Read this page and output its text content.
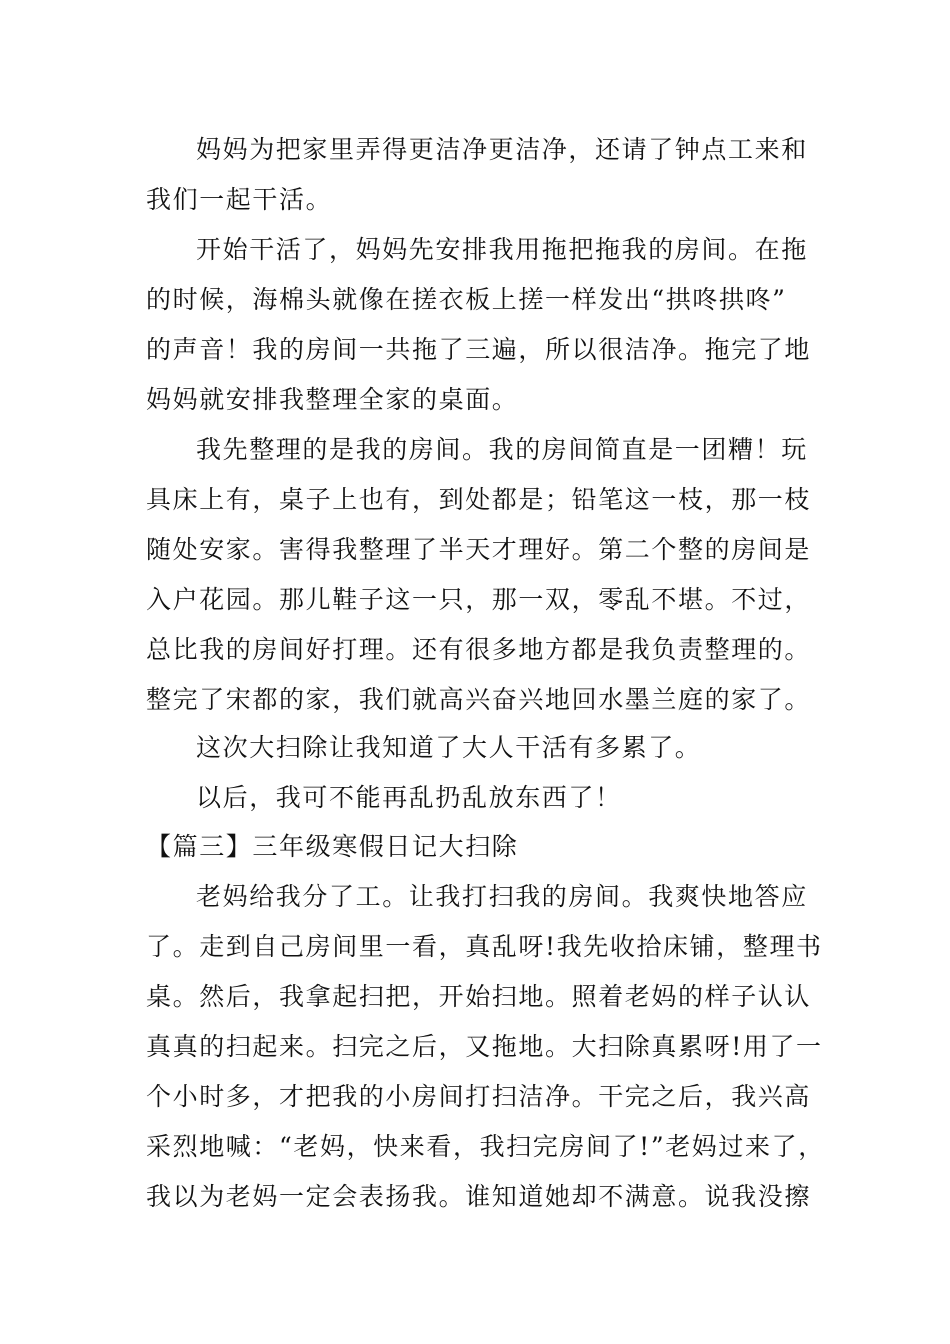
妈妈为把家里弄得更洁净更洁净，还请了钟点工来和
我们一起干活。
开始干活了，妈妈先安排我用拖把拖我的房间。在拖
的时候，海棉头就像在搓衣板上搓一样发出“拱咚拱咚”
的声音！我的房间一共拖了三遍，所以很洁净。拖完了地
妈妈就安排我整理全家的桌面。
我先整理的是我的房间。我的房间简直是一团糟！玩
具床上有，桌子上也有，到处都是；铅笔这一枝，那一枝
随处安家。害得我整理了半天才理好。第二个整的房间是
入户花园。那儿鞋子这一只，那一双，零乱不堪。不过，
总比我的房间好打理。还有很多地方都是我负责整理的。
整完了宋都的家，我们就高兴奋兴地回水墨兰庭的家了。
这次大扫除让我知道了大人干活有多累了。
以后，我可不能再乱扔乱放东西了！
【篇三】三年级寒假日记大扫除
老妈给我分了工。让我打扫我的房间。我爽快地答应
了。走到自己房间里一看，真乱呀!我先收拾床铺，整理书
桌。然后，我拿起扫把，开始扫地。照着老妈的样子认认
真真的扫起来。扫完之后，又拖地。大扫除真累呀!用了一
个小时多，才把我的小房间打扫洁净。干完之后，我兴高
采烈地喊：“老妈，快来看，我扫完房间了!”老妈过来了，
我以为老妈一定会表扬我。谁知道她却不满意。说我没擦
